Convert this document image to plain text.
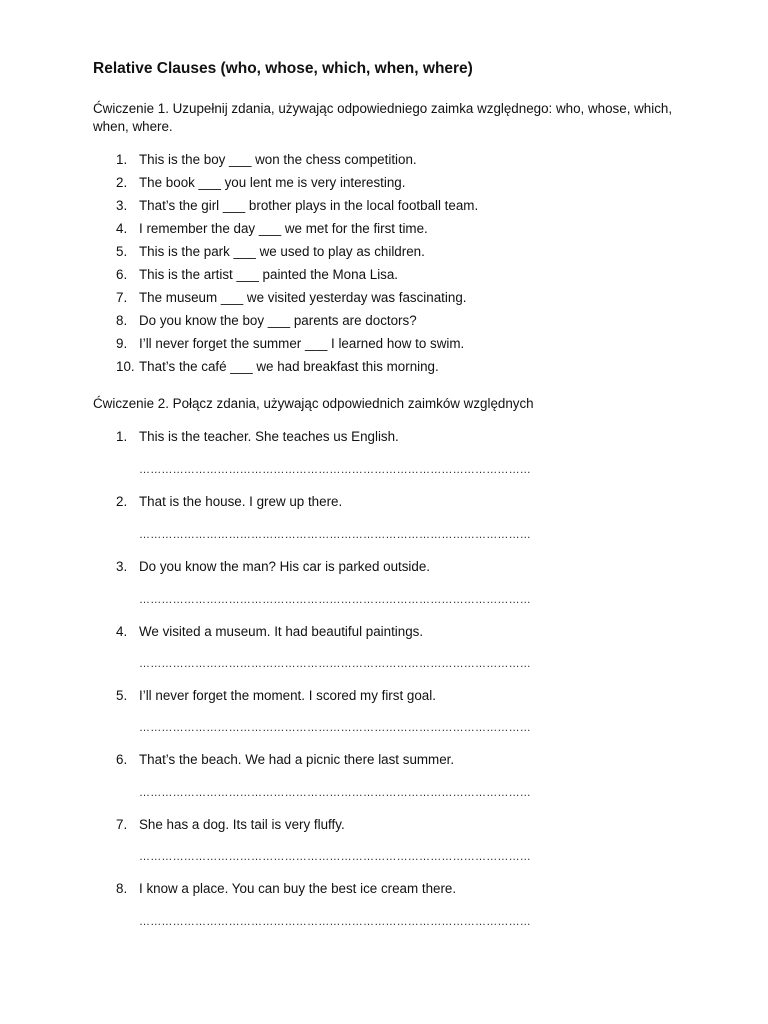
Relative Clauses (who, whose, which, when, where)

Ćwiczenie 1. Uzupełnij zdania, używając odpowiedniego zaimka względnego: who, whose, which, when, where.

1. This is the boy ___ won the chess competition.
2. The book ___ you lent me is very interesting.
3. That’s the girl ___ brother plays in the local football team.
4. I remember the day ___ we met for the first time.
5. This is the park ___ we used to play as children.
6. This is the artist ___ painted the Mona Lisa.
7. The museum ___ we visited yesterday was fascinating.
8. Do you know the boy ___ parents are doctors?
9. I’ll never forget the summer ___ I learned how to swim.
10. That’s the café ___ we had breakfast this morning.

Ćwiczenie 2. Połącz zdania, używając odpowiednich zaimków względnych

1. This is the teacher. She teaches us English.
……………………………………………………………………………………………
2. That is the house. I grew up there.
……………………………………………………………………………………………
3. Do you know the man? His car is parked outside.
……………………………………………………………………………………………
4. We visited a museum. It had beautiful paintings.
……………………………………………………………………………………………
5. I’ll never forget the moment. I scored my first goal.
……………………………………………………………………………………………
6. That’s the beach. We had a picnic there last summer.
……………………………………………………………………………………………
7. She has a dog. Its tail is very fluffy.
……………………………………………………………………………………………
8. I know a place. You can buy the best ice cream there.
……………………………………………………………………………………………
